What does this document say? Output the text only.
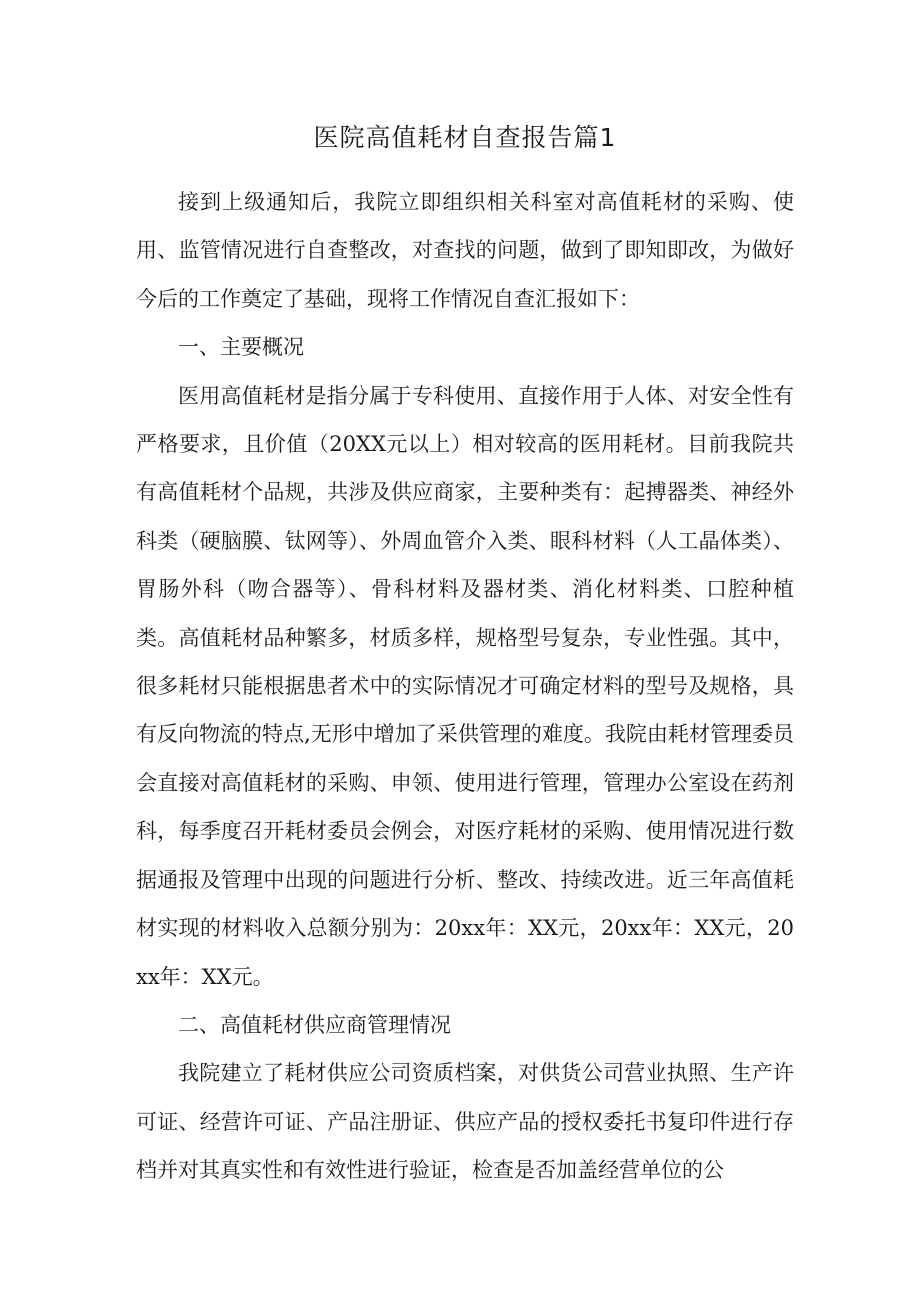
医院高值耗材自查报告篇1

接到上级通知后，我院立即组织相关科室对高值耗材的采购、使用、监管情况进行自查整改，对查找的问题，做到了即知即改，为做好今后的工作奠定了基础，现将工作情况自查汇报如下：

一、主要概况

医用高值耗材是指分属于专科使用、直接作用于人体、对安全性有严格要求，且价值（20XX元以上）相对较高的医用耗材。目前我院共有高值耗材个品规，共涉及供应商家，主要种类有：起搏器类、神经外科类（硬脑膜、钛网等）、外周血管介入类、眼科材料（人工晶体类）、胃肠外科（吻合器等）、骨科材料及器材类、消化材料类、口腔种植类。高值耗材品种繁多，材质多样，规格型号复杂，专业性强。其中，很多耗材只能根据患者术中的实际情况才可确定材料的型号及规格，具有反向物流的特点,无形中增加了采供管理的难度。我院由耗材管理委员会直接对高值耗材的采购、申领、使用进行管理，管理办公室设在药剂科，每季度召开耗材委员会例会，对医疗耗材的采购、使用情况进行数据通报及管理中出现的问题进行分析、整改、持续改进。近三年高值耗材实现的材料收入总额分别为：20xx年：XX元，20xx年：XX元，20xx年：XX元。

二、高值耗材供应商管理情况

我院建立了耗材供应公司资质档案，对供货公司营业执照、生产许可证、经营许可证、产品注册证、供应产品的授权委托书复印件进行存档并对其真实性和有效性进行验证，检查是否加盖经营单位的公
